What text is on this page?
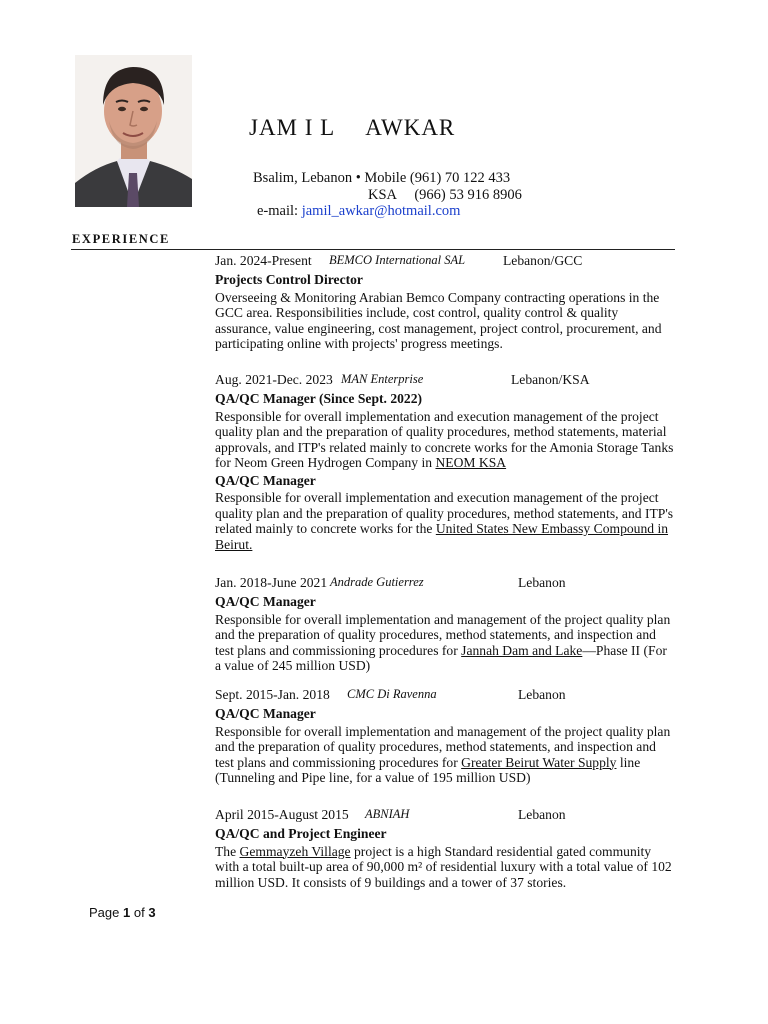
JAM I L AWKAR
Bsalim, Lebanon • Mobile (961) 70 122 433
KSA     (966) 53 916 8906
e-mail: jamil_awkar@hotmail.com
EXPERIENCE
Jan. 2024-Present BEMCO International SAL	Lebanon/GCC
Projects Control Director
Overseeing & Monitoring Arabian Bemco Company contracting operations in the GCC area. Responsibilities include, cost control, quality control & quality assurance, value engineering, cost management, project control, procurement, and participating online with projects' progress meetings.
Aug. 2021-Dec. 2023 MAN Enterprise	Lebanon/KSA
QA/QC Manager (Since Sept. 2022)
Responsible for overall implementation and execution management of the project quality plan and the preparation of quality procedures, method statements, material approvals, and ITP's related mainly to concrete works for the Amonia Storage Tanks for Neom Green Hydrogen Company in NEOM KSA
QA/QC Manager
Responsible for overall implementation and execution management of the project quality plan and the preparation of quality procedures, method statements, and ITP's related mainly to concrete works for the United States New Embassy Compound in Beirut.
Jan. 2018-June 2021 Andrade Gutierrez	Lebanon
QA/QC Manager
Responsible for overall implementation and management of the project quality plan and the preparation of quality procedures, method statements, and inspection and test plans and commissioning procedures for Jannah Dam and Lake—Phase II (For a value of 245 million USD)
Sept. 2015-Jan. 2018 CMC Di Ravenna	Lebanon
QA/QC Manager
Responsible for overall implementation and management of the project quality plan and the preparation of quality procedures, method statements, and inspection and test plans and commissioning procedures for Greater Beirut Water Supply line (Tunneling and Pipe line, for a value of 195 million USD)
April 2015-August 2015 ABNIAH	Lebanon
QA/QC and Project Engineer
The Gemmayzeh Village project is a high Standard residential gated community with a total built-up area of 90,000 m² of residential luxury with a total value of 102 million USD. It consists of 9 buildings and a tower of 37 stories.
Page 1 of 3
